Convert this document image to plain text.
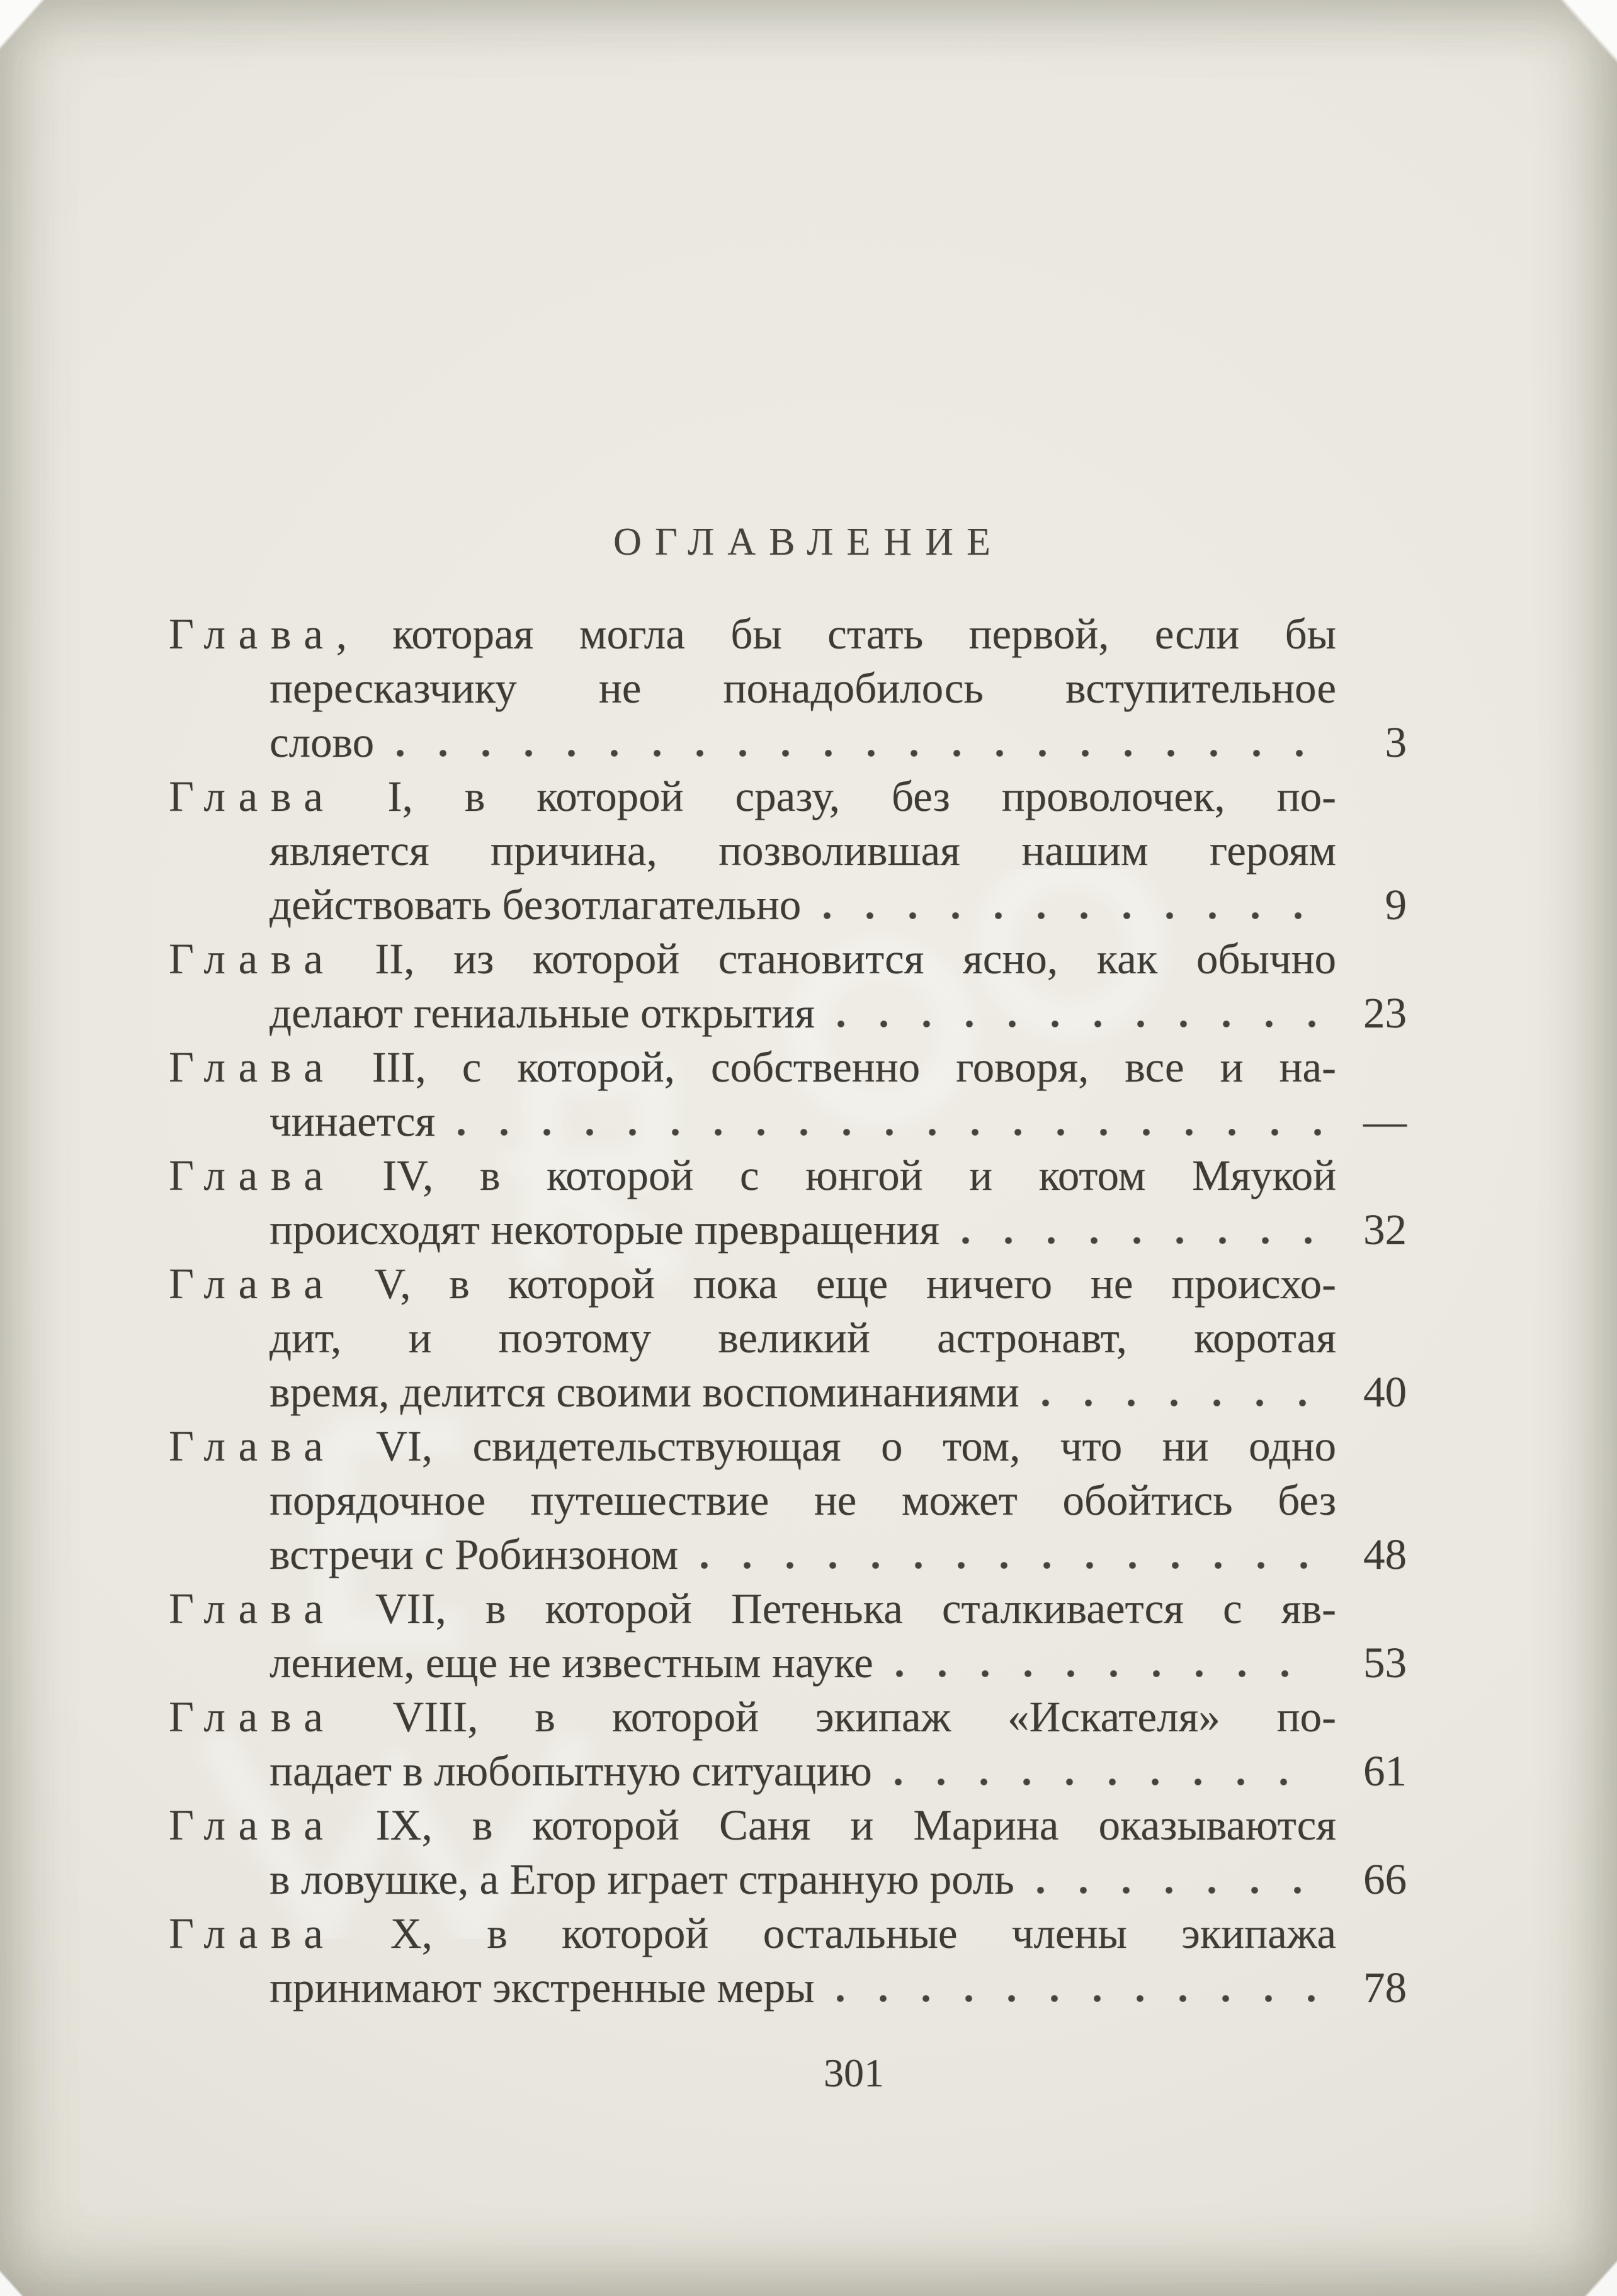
ОГЛАВЛЕНИЕ
Глава, которая могла бы стать первой, если бы
пересказчику не понадобилось вступительное
слово	3
Глава I, в которой сразу, без проволочек, по-
является причина, позволившая нашим героям
действовать безотлагательно	9
Глава II, из которой становится ясно, как обычно
делают гениальные открытия	23
Глава III, с которой, собственно говоря, все и на-
чинается	—
Глава IV, в которой с юнгой и котом Мяукой
происходят некоторые превращения	32
Глава V, в которой пока еще ничего не происхо-
дит, и поэтому великий астронавт, коротая
время, делится своими воспоминаниями	40
Глава VI, свидетельствующая о том, что ни одно
порядочное путешествие не может обойтись без
встречи с Робинзоном	48
Глава VII, в которой Петенька сталкивается с яв-
лением, еще не известным науке	53
Глава VIII, в которой экипаж «Искателя» по-
падает в любопытную ситуацию	61
Глава IX, в которой Саня и Марина оказываются
в ловушке, а Егор играет странную роль	66
Глава X, в которой остальные члены экипажа
принимают экстренные меры	78
301
